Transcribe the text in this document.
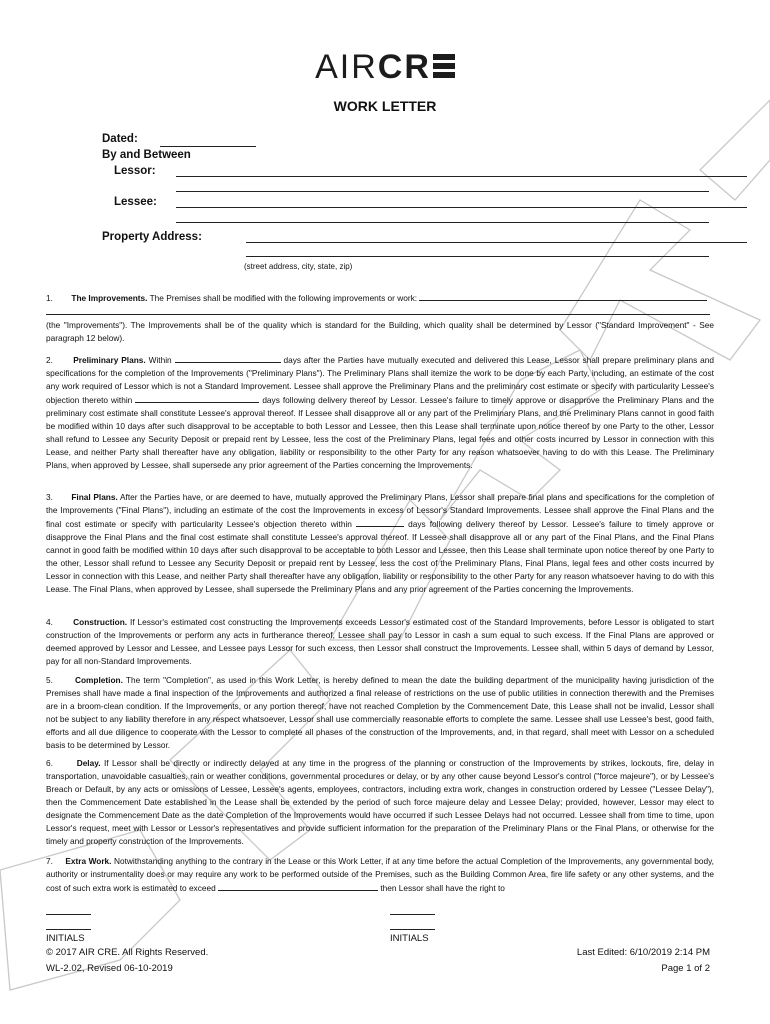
AIRCR
WORK LETTER
Dated:
By and Between
Lessor:
Lessee:
Property Address:
(street address, city, state, zip)
1. The Improvements. The Premises shall be modified with the following improvements or work:
(the "Improvements"). The Improvements shall be of the quality which is standard for the Building, which quality shall be determined by Lessor ("Standard Improvement" - See paragraph 12 below).
2. Preliminary Plans. Within	days after the Parties have mutually executed and delivered this Lease, Lessor shall prepare preliminary plans and specifications for the completion of the Improvements ("Preliminary Plans"). The Preliminary Plans shall itemize the work to be done by each Party, including, an estimate of the cost any work required of Lessor which is not a Standard Improvement. Lessee shall approve the Preliminary Plans and the preliminary cost estimate or specify with particularity Lessee's objection thereto within	days following delivery thereof by Lessor. Lessee's failure to timely approve or disapprove the Preliminary Plans and the preliminary cost estimate shall constitute Lessee's approval thereof. If Lessee shall disapprove all or any part of the Preliminary Plans, and the Preliminary Plans cannot in good faith be modified within 10 days after such disapproval to be acceptable to both Lessor and Lessee, then this Lease shall terminate upon notice thereof by one Party to the other, Lessor shall refund to Lessee any Security Deposit or prepaid rent by Lessee, less the cost of the Preliminary Plans, legal fees and other costs incurred by Lessor in connection with this Lease, and neither Party shall thereafter have any obligation, liability or responsibility to the other Party for any reason whatsoever having to do with this Lease. The Preliminary Plans, when approved by Lessee, shall supersede any prior agreement of the Parties concerning the Improvements.
3. Final Plans. After the Parties have, or are deemed to have, mutually approved the Preliminary Plans, Lessor shall prepare final plans and specifications for the completion of the Improvements ("Final Plans"), including an estimate of the cost the Improvements in excess of Lessor's Standard Improvements. Lessee shall approve the Final Plans and the final cost estimate or specify with particularity Lessee's objection thereto within	days following delivery thereof by Lessor. Lessee's failure to timely approve or disapprove the Final Plans and the final cost estimate shall constitute Lessee's approval thereof. If Lessee shall disapprove all or any part of the Final Plans, and the Final Plans cannot in good faith be modified within 10 days after such disapproval to be acceptable to both Lessor and Lessee, then this Lease shall terminate upon notice thereof by one Party to the other, Lessor shall refund to Lessee any Security Deposit or prepaid rent by Lessee, less the cost of the Preliminary Plans, Final Plans, legal fees and other costs incurred by Lessor in connection with this Lease, and neither Party shall thereafter have any obligation, liability or responsibility to the other Party for any reason whatsoever having to do with this Lease. The Final Plans, when approved by Lessee, shall supersede the Preliminary Plans and any prior agreement of the Parties concerning the Improvements.
4. Construction. If Lessor's estimated cost constructing the Improvements exceeds Lessor's estimated cost of the Standard Improvements, before Lessor is obligated to start construction of the Improvements or perform any acts in furtherance thereof, Lessee shall pay to Lessor in cash a sum equal to such excess. If the Final Plans are approved or deemed approved by Lessor and Lessee, and Lessee pays Lessor for such excess, then Lessor shall construct the Improvements. Lessee shall, within 5 days of demand by Lessor, pay for all non-Standard Improvements.
5.	Completion. The term "Completion", as used in this Work Letter, is hereby defined to mean the date the building department of the municipality having jurisdiction of the Premises shall have made a final inspection of the Improvements and authorized a final release of restrictions on the use of public utilities in connection therewith and the Premises are in a broom-clean condition. If the Improvements, or any portion thereof, have not reached Completion by the Commencement Date, this Lease shall not be invalid, Lessor shall not be subject to any liability therefore in any respect whatsoever, Lessor shall use commercially reasonable efforts to complete the same. Lessee shall use Lessee's best, good faith, efforts and all due diligence to cooperate with the Lessor to complete all phases of the construction of the Improvements, and, in that regard, shall meet with Lessor on a scheduled basis to be determined by Lessor.
6.	Delay. If Lessor shall be directly or indirectly delayed at any time in the progress of the planning or construction of the Improvements by strikes, lockouts, fire, delay in transportation, unavoidable casualties, rain or weather conditions, governmental procedures or delay, or by any other cause beyond Lessor's control ("force majeure"), or by Lessee's Breach or Default, by any acts or omissions of Lessee, Lessee's agents, employees, contractors, including extra work, changes in construction ordered by Lessee ("Lessee Delay"), then the Commencement Date established in the Lease shall be extended by the period of such force majeure delay and Lessee Delay; provided, however, Lessor may elect to designate the Commencement Date as the date Completion of the Improvements would have occurred if such Lessee Delays had not occurred. Lessee shall from time to time, upon Lessor's request, meet with Lessor or Lessor's representatives and provide sufficient information for the preparation of the Preliminary Plans or the Final Plans, or otherwise for the timely and property construction of the Improvements.
7. Extra Work. Notwithstanding anything to the contrary in the Lease or this Work Letter, if at any time before the actual Completion of the Improvements, any governmental body, authority or instrumentality does or may require any work to be performed outside of the Premises, such as the Building Common Area, fire life safety or any other systems, and the cost of such extra work is estimated to exceed	then Lessor shall have the right to
INITIALS	INITIALS
© 2017 AIR CRE. All Rights Reserved.
WL-2.02, Revised 06-10-2019
Last Edited: 6/10/2019 2:14 PM
Page 1 of 2
